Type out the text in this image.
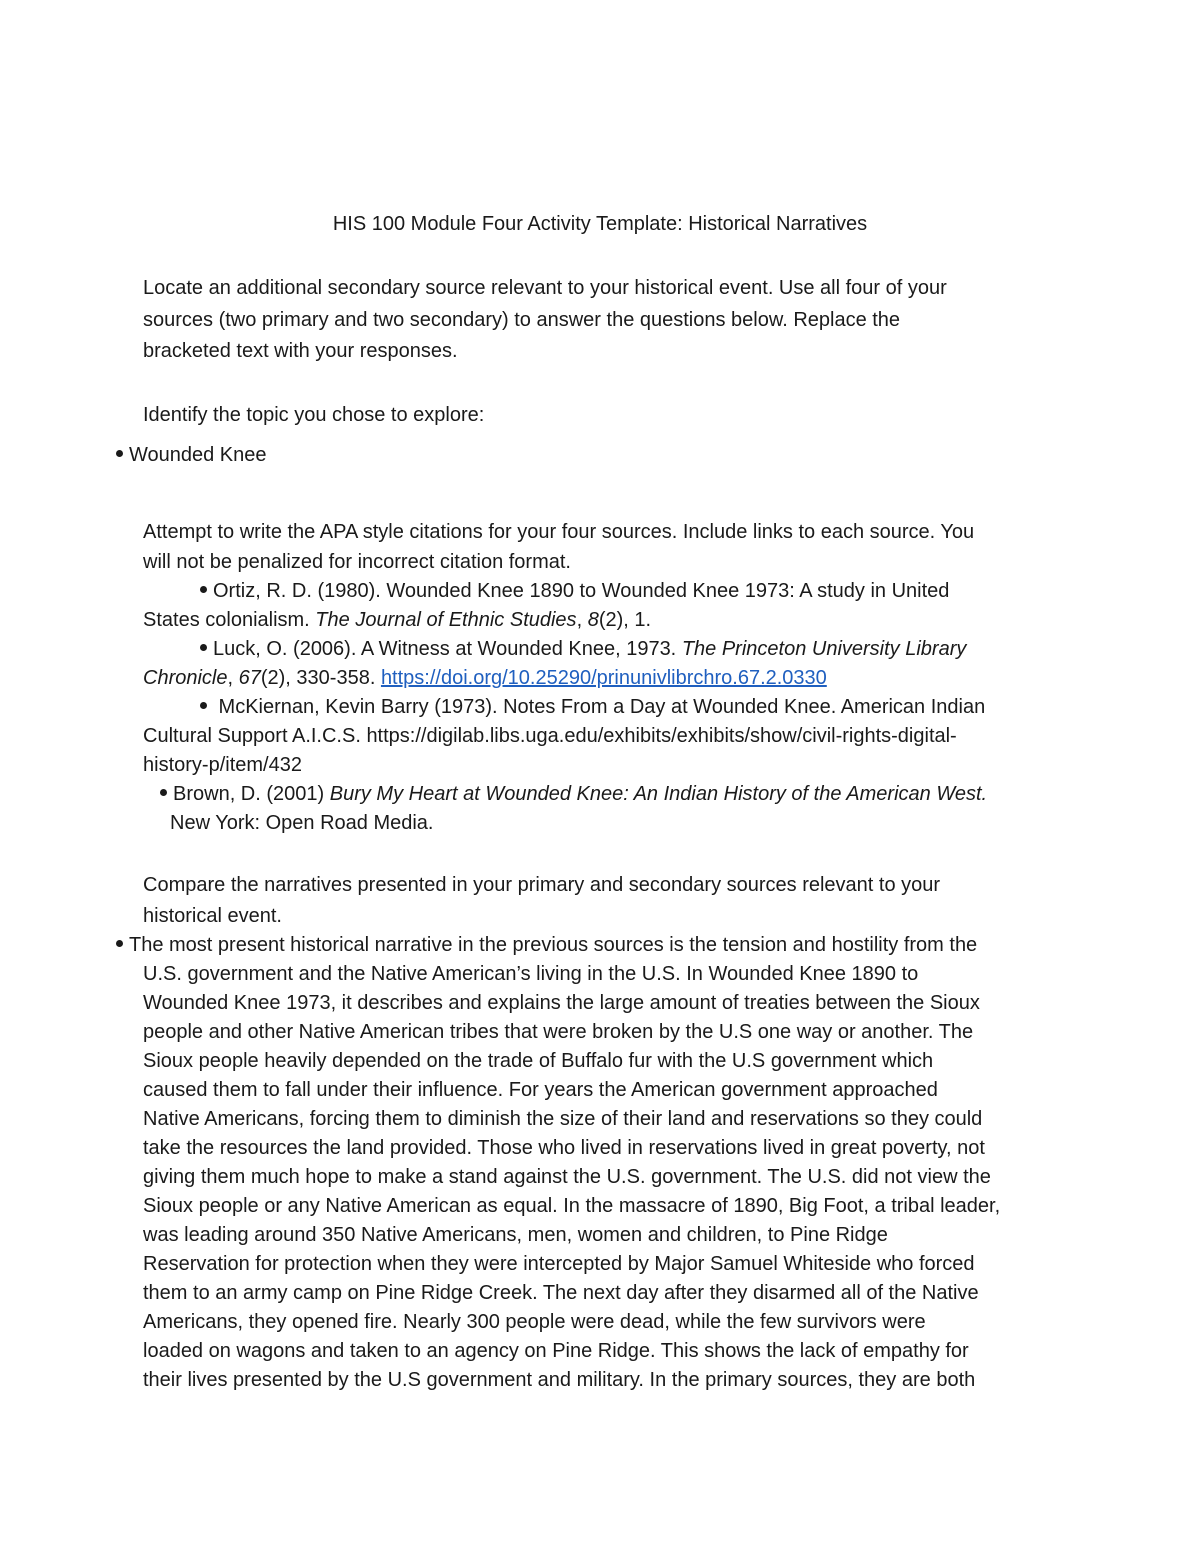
HIS 100 Module Four Activity Template: Historical Narratives
Locate an additional secondary source relevant to your historical event. Use all four of your
sources (two primary and two secondary) to answer the questions below. Replace the
bracketed text with your responses.
Identify the topic you chose to explore:
Wounded Knee
Attempt to write the APA style citations for your four sources. Include links to each source. You
will not be penalized for incorrect citation format.
Ortiz, R. D. (1980). Wounded Knee 1890 to Wounded Knee 1973: A study in United
States colonialism. The Journal of Ethnic Studies, 8(2), 1.
Luck, O. (2006). A Witness at Wounded Knee, 1973. The Princeton University Library
Chronicle, 67(2), 330-358. https://doi.org/10.25290/prinunivlibrchro.67.2.0330
McKiernan, Kevin Barry (1973). Notes From a Day at Wounded Knee. American Indian
Cultural Support A.I.C.S. https://digilab.libs.uga.edu/exhibits/exhibits/show/civil-rights-digital-
history-p/item/432
Brown, D. (2001) Bury My Heart at Wounded Knee: An Indian History of the American West.
New York: Open Road Media.
Compare the narratives presented in your primary and secondary sources relevant to your
historical event.
The most present historical narrative in the previous sources is the tension and hostility from the
U.S. government and the Native American’s living in the U.S. In Wounded Knee 1890 to
Wounded Knee 1973, it describes and explains the large amount of treaties between the Sioux
people and other Native American tribes that were broken by the U.S one way or another. The
Sioux people heavily depended on the trade of Buffalo fur with the U.S government which
caused them to fall under their influence. For years the American government approached
Native Americans, forcing them to diminish the size of their land and reservations so they could
take the resources the land provided. Those who lived in reservations lived in great poverty, not
giving them much hope to make a stand against the U.S. government. The U.S. did not view the
Sioux people or any Native American as equal. In the massacre of 1890, Big Foot, a tribal leader,
was leading around 350 Native Americans, men, women and children, to Pine Ridge
Reservation for protection when they were intercepted by Major Samuel Whiteside who forced
them to an army camp on Pine Ridge Creek. The next day after they disarmed all of the Native
Americans, they opened fire. Nearly 300 people were dead, while the few survivors were
loaded on wagons and taken to an agency on Pine Ridge. This shows the lack of empathy for
their lives presented by the U.S government and military. In the primary sources, they are both
